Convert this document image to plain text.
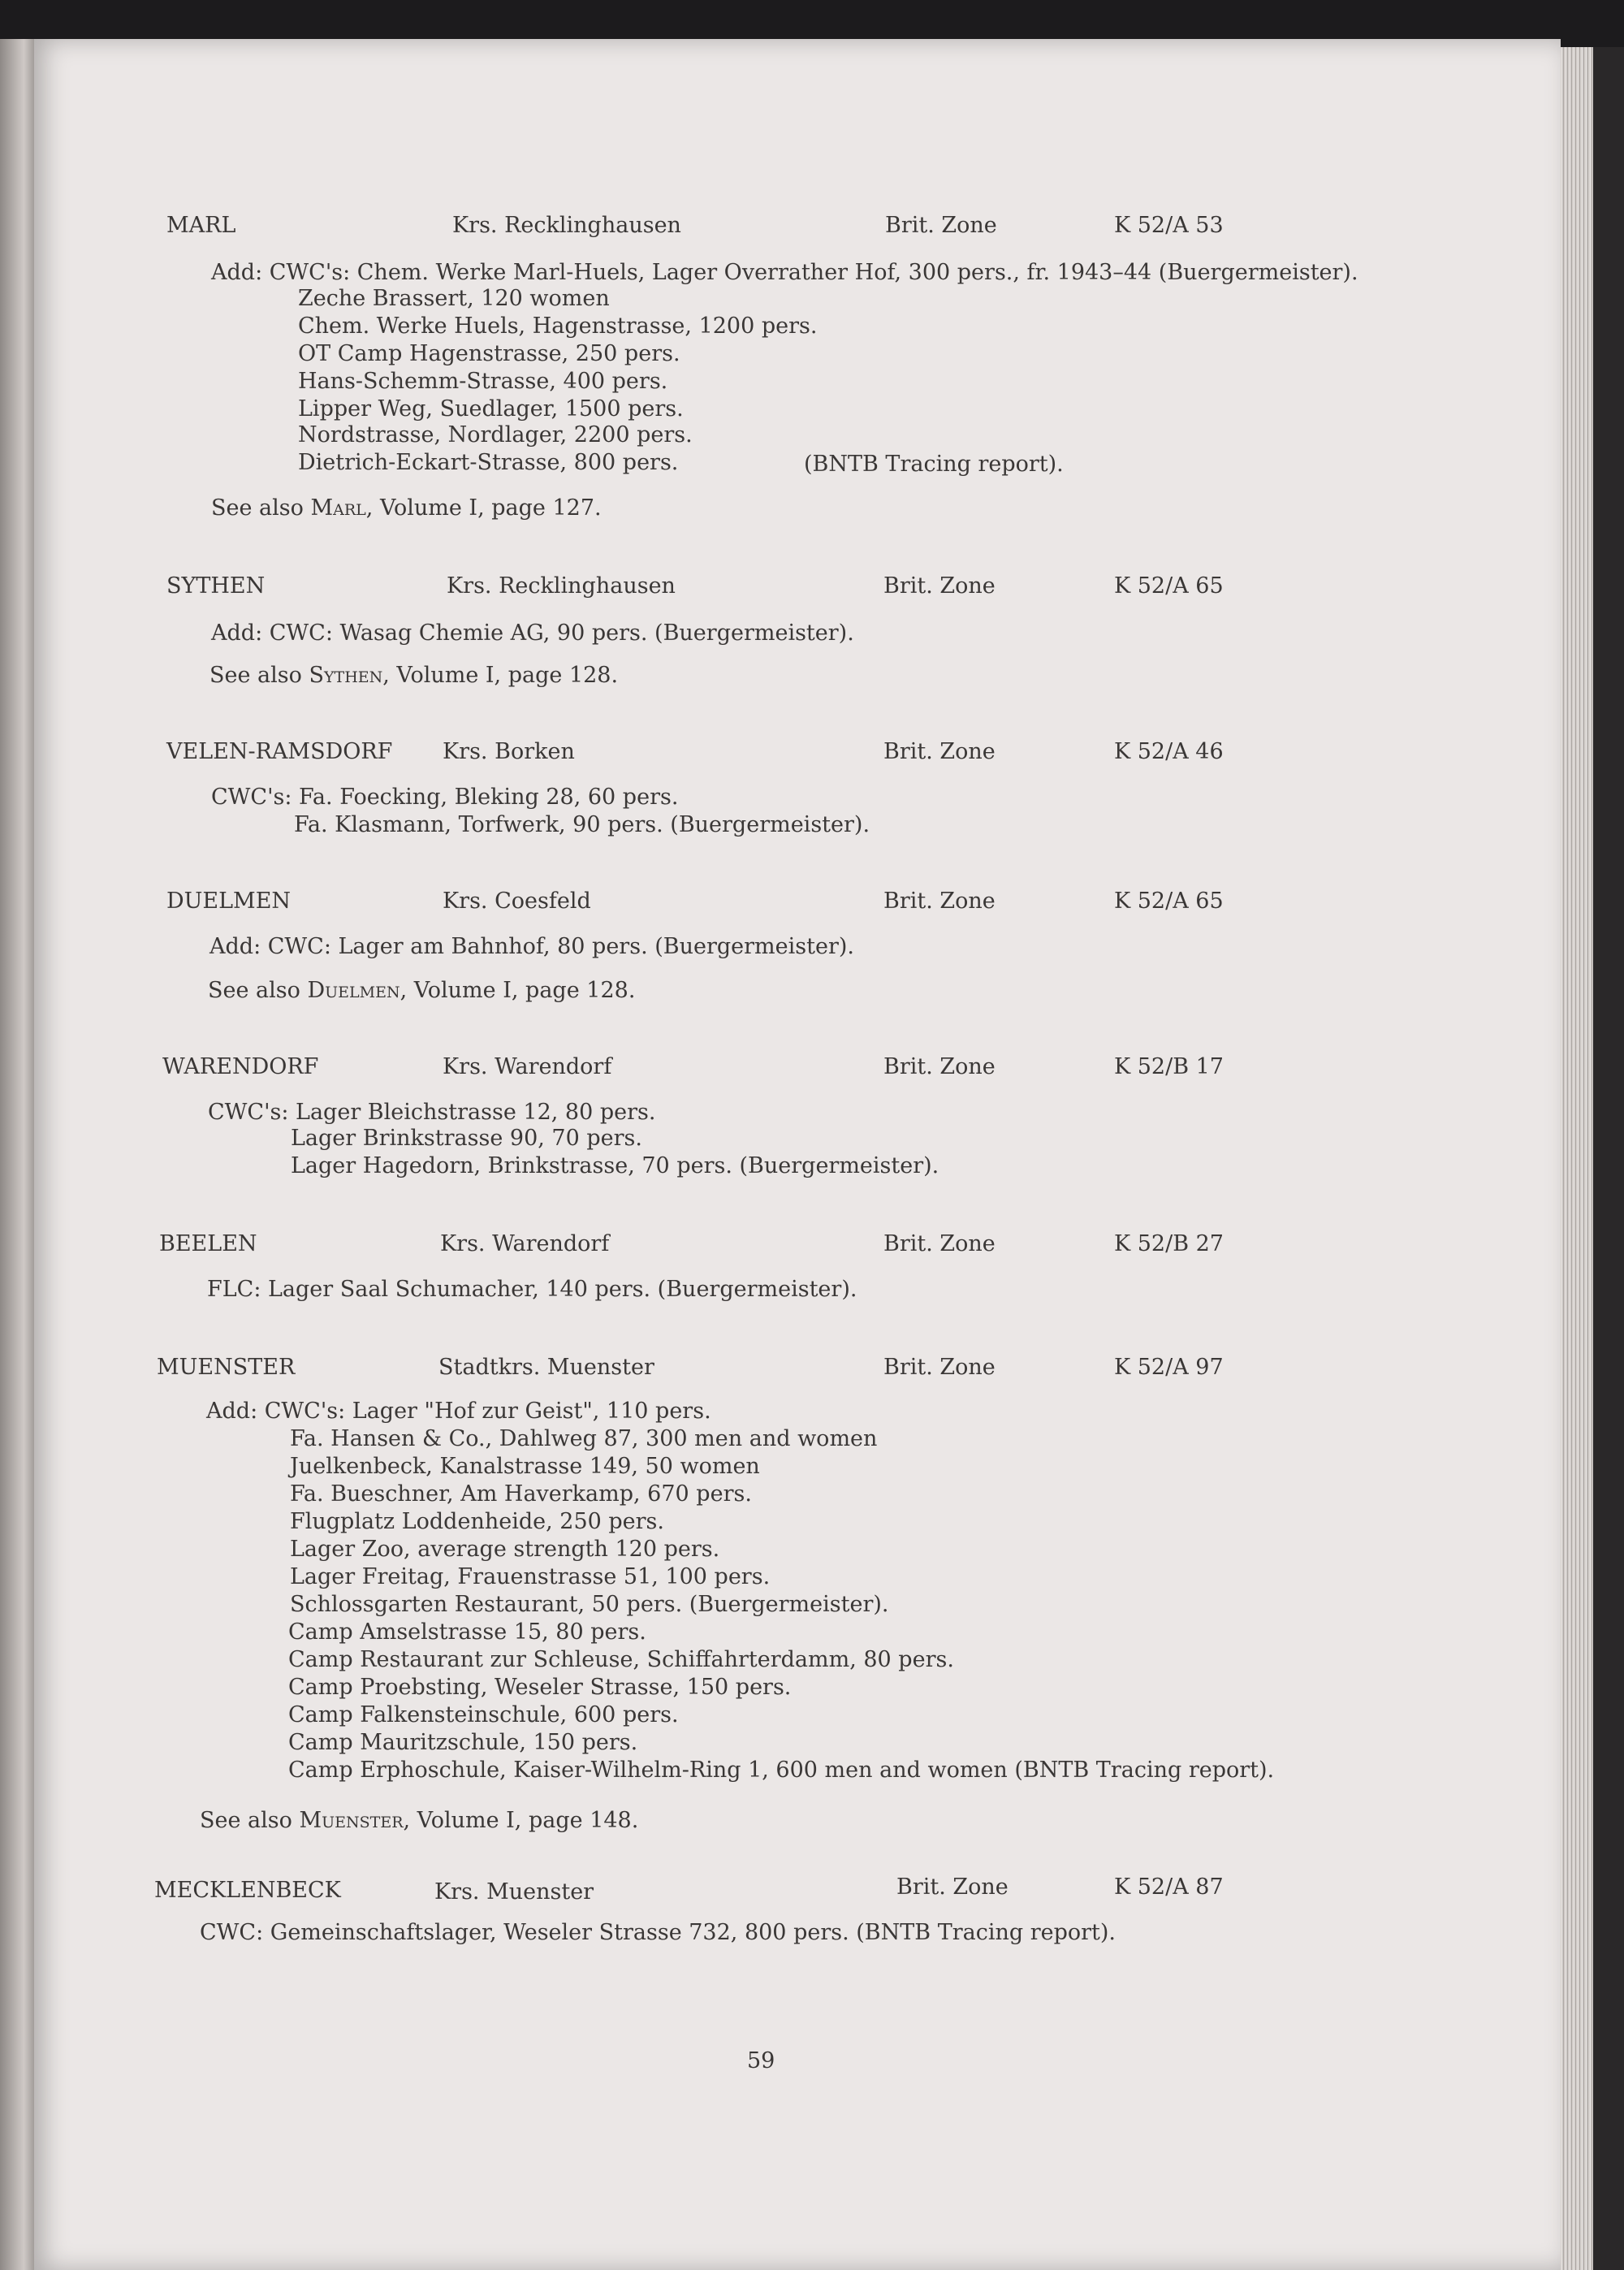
MARL	Krs. Recklinghausen	Brit. Zone	K 52/A 53
Add: CWC's: Chem. Werke Marl-Huels, Lager Overrather Hof, 300 pers., fr. 1943–44 (Buergermeister).
Zeche Brassert, 120 women
Chem. Werke Huels, Hagenstrasse, 1200 pers.
OT Camp Hagenstrasse, 250 pers.
Hans-Schemm-Strasse, 400 pers.
Lipper Weg, Suedlager, 1500 pers.
Nordstrasse, Nordlager, 2200 pers.
Dietrich-Eckart-Strasse, 800 pers.	(BNTB Tracing report).
See also Marl, Volume I, page 127.
SYTHEN	Krs. Recklinghausen	Brit. Zone	K 52/A 65
Add: CWC: Wasag Chemie AG, 90 pers. (Buergermeister).
See also Sythen, Volume I, page 128.
VELEN-RAMSDORF Krs. Borken	Brit. Zone	K 52/A 46
CWC's: Fa. Foecking, Bleking 28, 60 pers.
Fa. Klasmann, Torfwerk, 90 pers. (Buergermeister).
DUELMEN	Krs. Coesfeld	Brit. Zone	K 52/A 65
Add: CWC: Lager am Bahnhof, 80 pers. (Buergermeister).
See also Duelmen, Volume I, page 128.
WARENDORF	Krs. Warendorf	Brit. Zone	K 52/B 17
CWC's: Lager Bleichstrasse 12, 80 pers.
Lager Brinkstrasse 90, 70 pers.
Lager Hagedorn, Brinkstrasse, 70 pers. (Buergermeister).
BEELEN	Krs. Warendorf	Brit. Zone	K 52/B 27
FLC: Lager Saal Schumacher, 140 pers. (Buergermeister).
MUENSTER	Stadtkrs. Muenster	Brit. Zone	K 52/A 97
Add: CWC's: Lager "Hof zur Geist", 110 pers.
Fa. Hansen & Co., Dahlweg 87, 300 men and women
Juelkenbeck, Kanalstrasse 149, 50 women
Fa. Bueschner, Am Haverkamp, 670 pers.
Flugplatz Loddenheide, 250 pers.
Lager Zoo, average strength 120 pers.
Lager Freitag, Frauenstrasse 51, 100 pers.
Schlossgarten Restaurant, 50 pers. (Buergermeister).
Camp Amselstrasse 15, 80 pers.
Camp Restaurant zur Schleuse, Schiffahrterdamm, 80 pers.
Camp Proebsting, Weseler Strasse, 150 pers.
Camp Falkensteinschule, 600 pers.
Camp Mauritzschule, 150 pers.
Camp Erphoschule, Kaiser-Wilhelm-Ring 1, 600 men and women (BNTB Tracing report).
See also Muenster, Volume I, page 148.
MECKLENBECK	Krs. Muenster	Brit. Zone	K 52/A 87
CWC: Gemeinschaftslager, Weseler Strasse 732, 800 pers. (BNTB Tracing report).
59
